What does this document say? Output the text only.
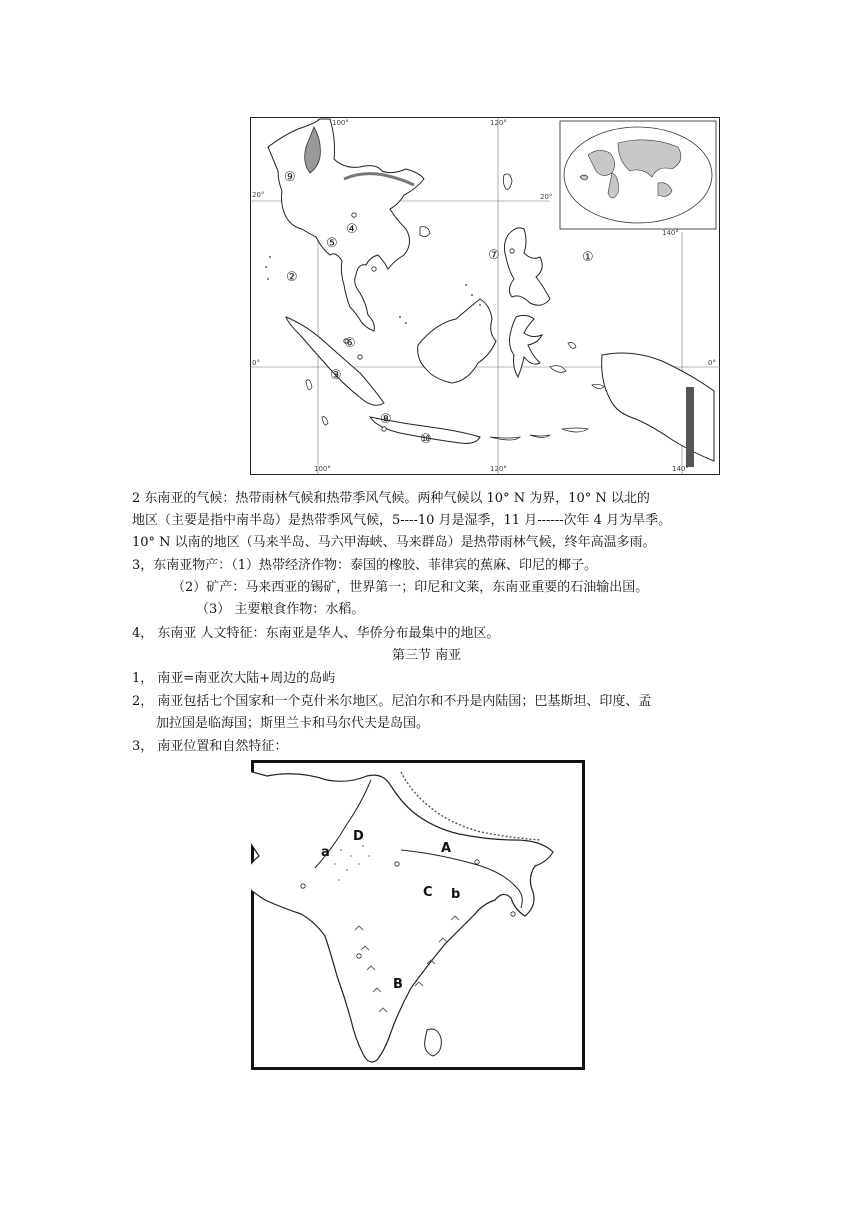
100°	120°
140°
100°	120°	140°
20°	20°
0°	0°
⑨
④
⑤
②
⑦	①
⑥
③
⑧
⑩
2 东南亚的气候：热带雨林气候和热带季风气候。两种气候以 10° N 为界，10° N 以北的
地区（主要是指中南半岛）是热带季风气候，5----10 月是湿季，11 月------次年 4 月为旱季。
10° N 以南的地区（马来半岛、马六甲海峡、马来群岛）是热带雨林气候，终年高温多雨。
3，东南亚物产：（1）热带经济作物：泰国的橡胶、菲律宾的蕉麻、印尼的椰子。
（2）矿产：马来西亚的锡矿，世界第一；印尼和文莱，东南亚重要的石油输出国。
（3） 主要粮食作物：水稻。
4， 东南亚 人文特征：东南亚是华人、华侨分布最集中的地区。
第三节 南亚
1， 南亚=南亚次大陆+周边的岛屿
2， 南亚包括七个国家和一个克什米尔地区。尼泊尔和不丹是内陆国；巴基斯坦、印度、孟
加拉国是临海国；斯里兰卡和马尔代夫是岛国。
3， 南亚位置和自然特征：
D
a	A
C b
B
